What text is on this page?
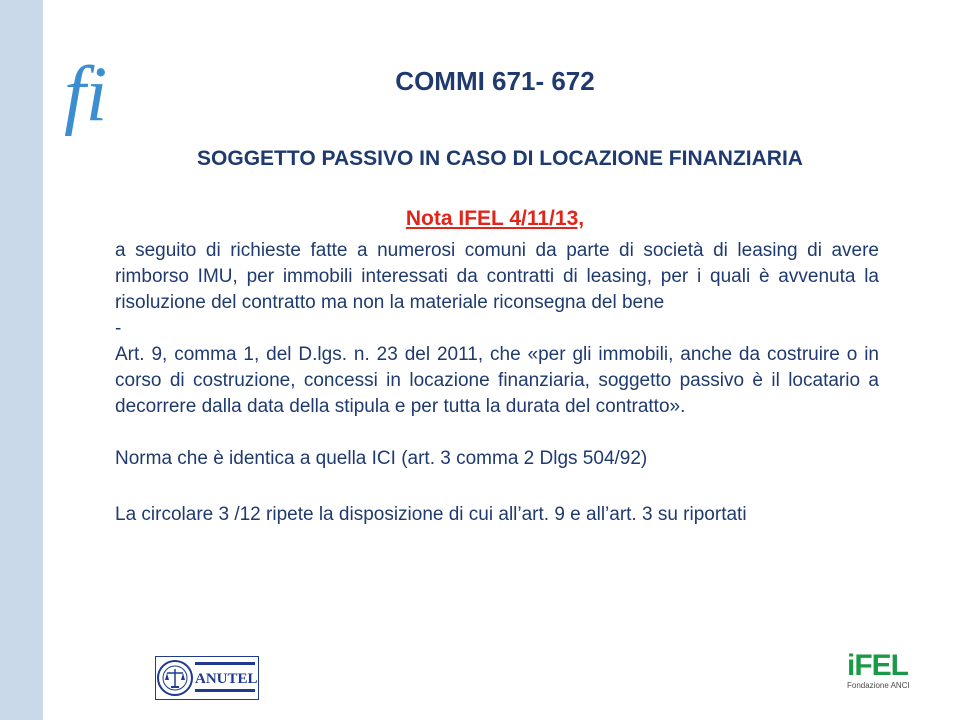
fi	COMMI 671- 672
SOGGETTO PASSIVO IN CASO DI LOCAZIONE FINANZIARIA
Nota IFEL 4/11/13,

a seguito di richieste fatte a numerosi comuni da parte di società di leasing di avere rimborso IMU, per immobili interessati da contratti di leasing, per i quali è avvenuta la risoluzione del contratto ma non la materiale riconsegna del bene

-

Art. 9, comma 1, del D.lgs. n. 23 del 2011, che «per gli immobili, anche da costruire o in corso di costruzione, concessi in locazione finanziaria, soggetto passivo è il locatario a decorrere dalla data della stipula e per tutta la durata del contratto».

Norma che è identica a quella ICI (art. 3 comma 2 Dlgs 504/92)

La circolare 3 /12 ripete la disposizione di cui all’art. 9 e all’art. 3 su riportati

ANUTEL	iFEL
Fondazione ANCI
